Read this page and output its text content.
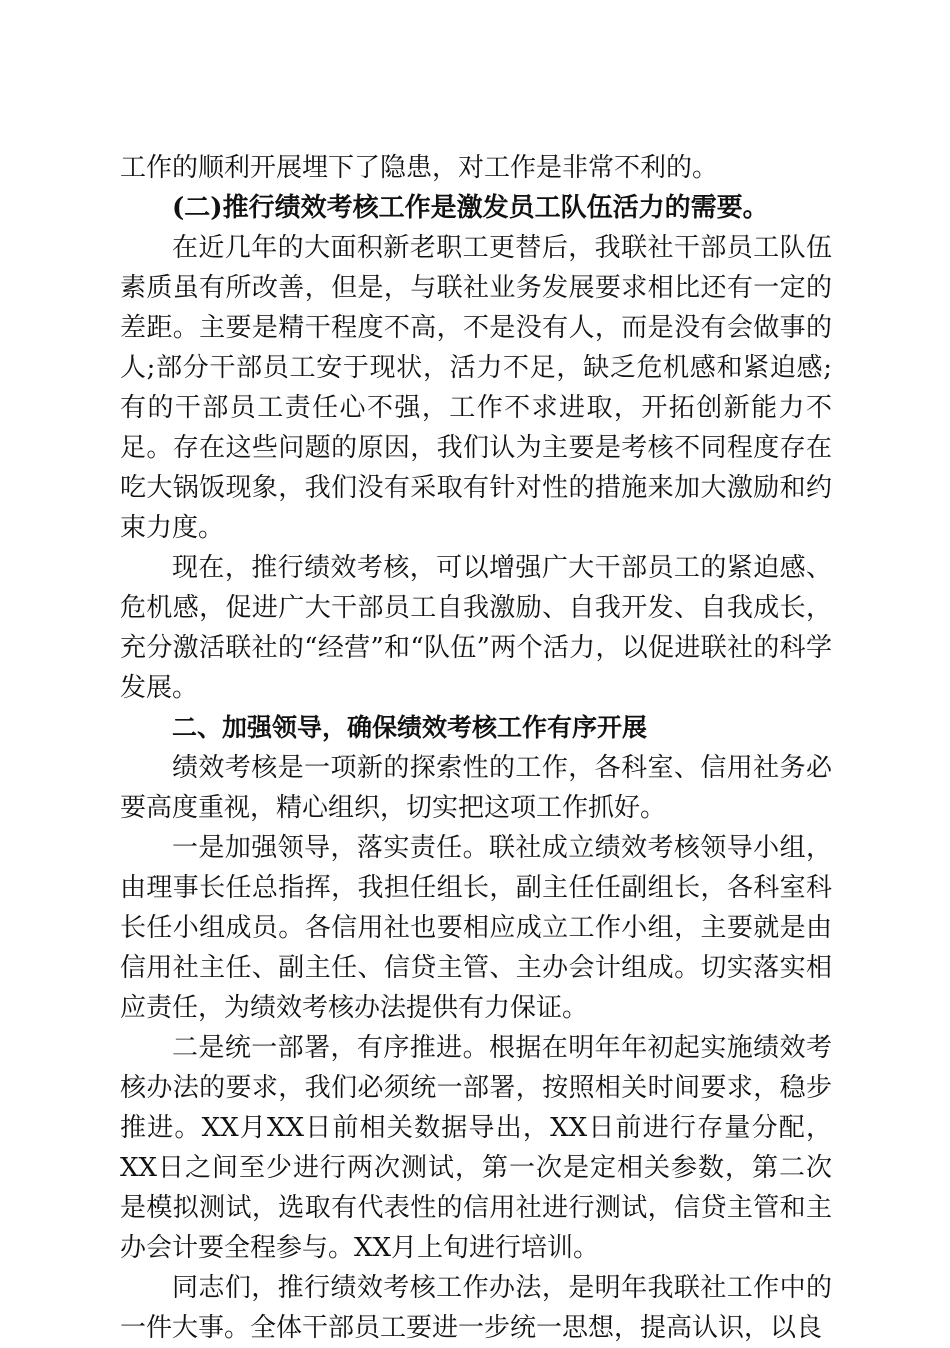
工作的顺利开展埋下了隐患，对工作是非常不利的。

(二)推行绩效考核工作是激发员工队伍活力的需要。

在近几年的大面积新老职工更替后，我联社干部员工队伍素质虽有所改善，但是，与联社业务发展要求相比还有一定的差距。主要是精干程度不高，不是没有人，而是没有会做事的人;部分干部员工安于现状，活力不足，缺乏危机感和紧迫感;有的干部员工责任心不强，工作不求进取，开拓创新能力不足。存在这些问题的原因，我们认为主要是考核不同程度存在吃大锅饭现象，我们没有采取有针对性的措施来加大激励和约束力度。

现在，推行绩效考核，可以增强广大干部员工的紧迫感、危机感，促进广大干部员工自我激励、自我开发、自我成长，充分激活联社的“经营”和“队伍”两个活力，以促进联社的科学发展。

二、加强领导，确保绩效考核工作有序开展

绩效考核是一项新的探索性的工作，各科室、信用社务必要高度重视，精心组织，切实把这项工作抓好。

一是加强领导，落实责任。联社成立绩效考核领导小组，由理事长任总指挥，我担任组长，副主任任副组长，各科室科长任小组成员。各信用社也要相应成立工作小组，主要就是由信用社主任、副主任、信贷主管、主办会计组成。切实落实相应责任，为绩效考核办法提供有力保证。

二是统一部署，有序推进。根据在明年年初起实施绩效考核办法的要求，我们必须统一部署，按照相关时间要求，稳步推进。XX月XX日前相关数据导出，XX日前进行存量分配，XX日之间至少进行两次测试，第一次是定相关参数，第二次是模拟测试，选取有代表性的信用社进行测试，信贷主管和主办会计要全程参与。XX月上旬进行培训。

同志们，推行绩效考核工作办法，是明年我联社工作中的一件大事。全体干部员工要进一步统一思想，提高认识，以良
